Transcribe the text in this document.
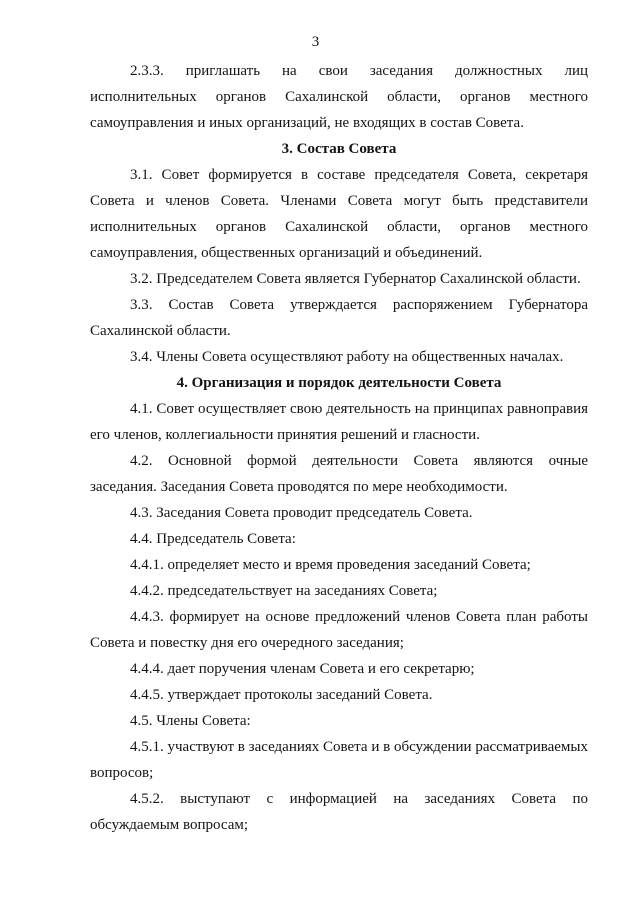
3

2.3.3. приглашать на свои заседания должностных лиц исполнительных органов Сахалинской области, органов местного самоуправления и иных организаций, не входящих в состав Совета.

3. Состав Совета

3.1. Совет формируется в составе председателя Совета, секретаря Совета и членов Совета. Членами Совета могут быть представители исполнительных органов Сахалинской области, органов местного самоуправления, общественных организаций и объединений.

3.2. Председателем Совета является Губернатор Сахалинской области.

3.3. Состав Совета утверждается распоряжением Губернатора Сахалинской области.

3.4. Члены Совета осуществляют работу на общественных началах.

4. Организация и порядок деятельности Совета

4.1. Совет осуществляет свою деятельность на принципах равноправия его членов, коллегиальности принятия решений и гласности.

4.2. Основной формой деятельности Совета являются очные заседания. Заседания Совета проводятся по мере необходимости.

4.3. Заседания Совета проводит председатель Совета.

4.4. Председатель Совета:

4.4.1. определяет место и время проведения заседаний Совета;

4.4.2. председательствует на заседаниях Совета;

4.4.3. формирует на основе предложений членов Совета план работы Совета и повестку дня его очередного заседания;

4.4.4. дает поручения членам Совета и его секретарю;

4.4.5. утверждает протоколы заседаний Совета.

4.5. Члены Совета:

4.5.1. участвуют в заседаниях Совета и в обсуждении рассматриваемых вопросов;

4.5.2. выступают с информацией на заседаниях Совета по обсуждаемым вопросам;
